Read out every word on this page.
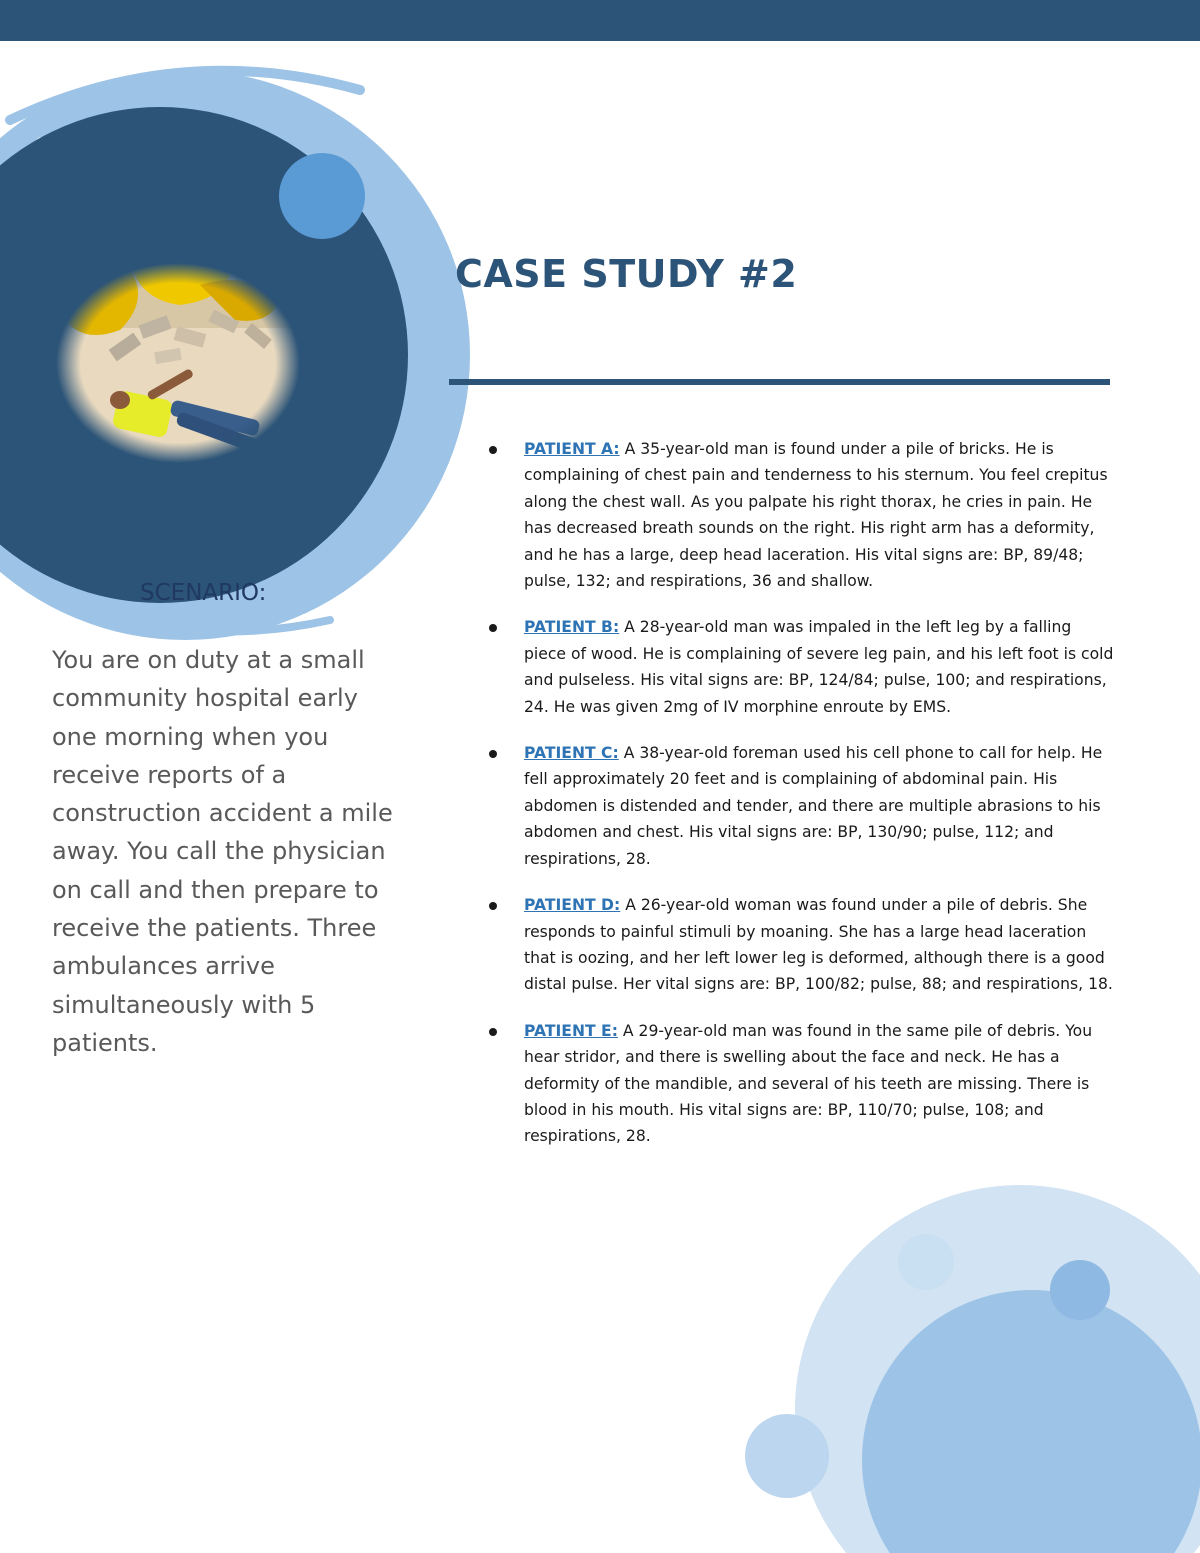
CASE STUDY #2
SCENARIO:

You are on duty at a small community hospital early one morning when you receive reports of a construction accident a mile away. You call the physician on call and then prepare to receive the patients. Three ambulances arrive simultaneously with 5 patients.

PATIENT A: A 35-year-old man is found under a pile of bricks. He is complaining of chest pain and tenderness to his sternum. You feel crepitus along the chest wall. As you palpate his right thorax, he cries in pain. He has decreased breath sounds on the right. His right arm has a deformity, and he has a large, deep head laceration. His vital signs are: BP, 89/48; pulse, 132; and respirations, 36 and shallow.
PATIENT B: A 28-year-old man was impaled in the left leg by a falling piece of wood. He is complaining of severe leg pain, and his left foot is cold and pulseless. His vital signs are: BP, 124/84; pulse, 100; and respirations, 24. He was given 2mg of IV morphine enroute by EMS.
PATIENT C: A 38-year-old foreman used his cell phone to call for help. He fell approximately 20 feet and is complaining of abdominal pain. His abdomen is distended and tender, and there are multiple abrasions to his abdomen and chest. His vital signs are: BP, 130/90; pulse, 112; and respirations, 28.
PATIENT D: A 26-year-old woman was found under a pile of debris. She responds to painful stimuli by moaning. She has a large head laceration that is oozing, and her left lower leg is deformed, although there is a good distal pulse. Her vital signs are: BP, 100/82; pulse, 88; and respirations, 18.
PATIENT E: A 29-year-old man was found in the same pile of debris. You hear stridor, and there is swelling about the face and neck. He has a deformity of the mandible, and several of his teeth are missing. There is blood in his mouth. His vital signs are: BP, 110/70; pulse, 108; and respirations, 28.
